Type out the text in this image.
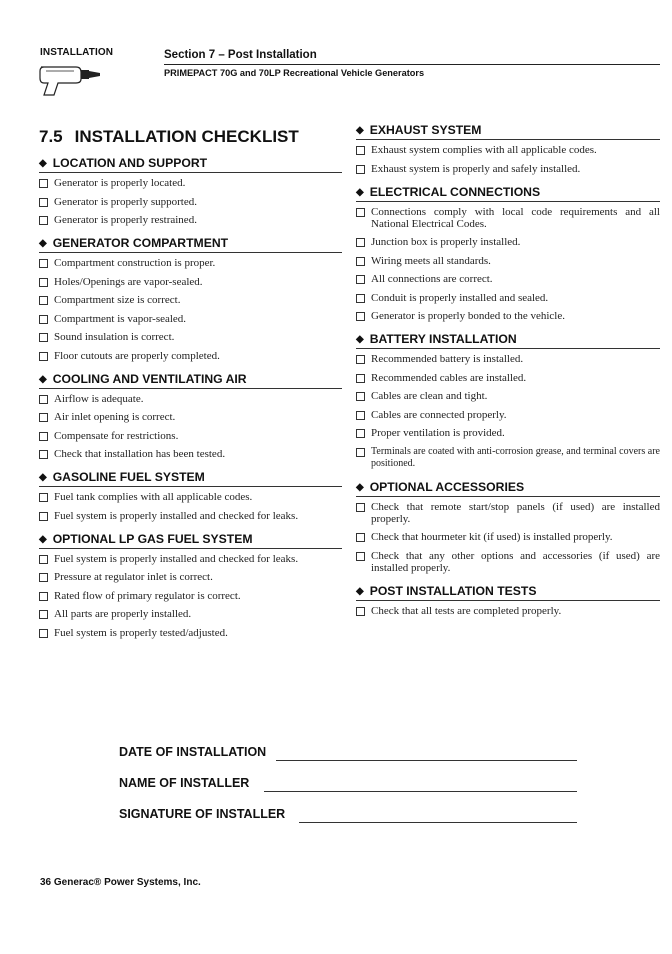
INSTALLATION	Section 7 – Post Installation
PRIMEPACT 70G and 70LP Recreational Vehicle Generators
7.5 INSTALLATION CHECKLIST
◆ LOCATION AND SUPPORT
Generator is properly located.
Generator is properly supported.
Generator is properly restrained.
◆ GENERATOR COMPARTMENT
Compartment construction is proper.
Holes/Openings are vapor-sealed.
Compartment size is correct.
Compartment is vapor-sealed.
Sound insulation is correct.
Floor cutouts are properly completed.
◆ COOLING AND VENTILATING AIR
Airflow is adequate.
Air inlet opening is correct.
Compensate for restrictions.
Check that installation has been tested.
◆ GASOLINE FUEL SYSTEM
Fuel tank complies with all applicable codes.
Fuel system is properly installed and checked for leaks.
◆ OPTIONAL LP GAS FUEL SYSTEM
Fuel system is properly installed and checked for leaks.
Pressure at regulator inlet is correct.
Rated flow of primary regulator is correct.
All parts are properly installed.
Fuel system is properly tested/adjusted.
◆ EXHAUST SYSTEM
Exhaust system complies with all applicable codes.
Exhaust system is properly and safely installed.
◆ ELECTRICAL CONNECTIONS
Connections comply with local code requirements and all National Electrical Codes.
Junction box is properly installed.
Wiring meets all standards.
All connections are correct.
Conduit is properly installed and sealed.
Generator is properly bonded to the vehicle.
◆ BATTERY INSTALLATION
Recommended battery is installed.
Recommended cables are installed.
Cables are clean and tight.
Cables are connected properly.
Proper ventilation is provided.
Terminals are coated with anti-corrosion grease, and terminal covers are positioned.
◆ OPTIONAL ACCESSORIES
Check that remote start/stop panels (if used) are installed properly.
Check that hourmeter kit (if used) is installed properly.
Check that any other options and accessories (if used) are installed properly.
◆ POST INSTALLATION TESTS
Check that all tests are completed properly.
DATE OF INSTALLATION
NAME OF INSTALLER
SIGNATURE OF INSTALLER
36 Generac® Power Systems, Inc.
